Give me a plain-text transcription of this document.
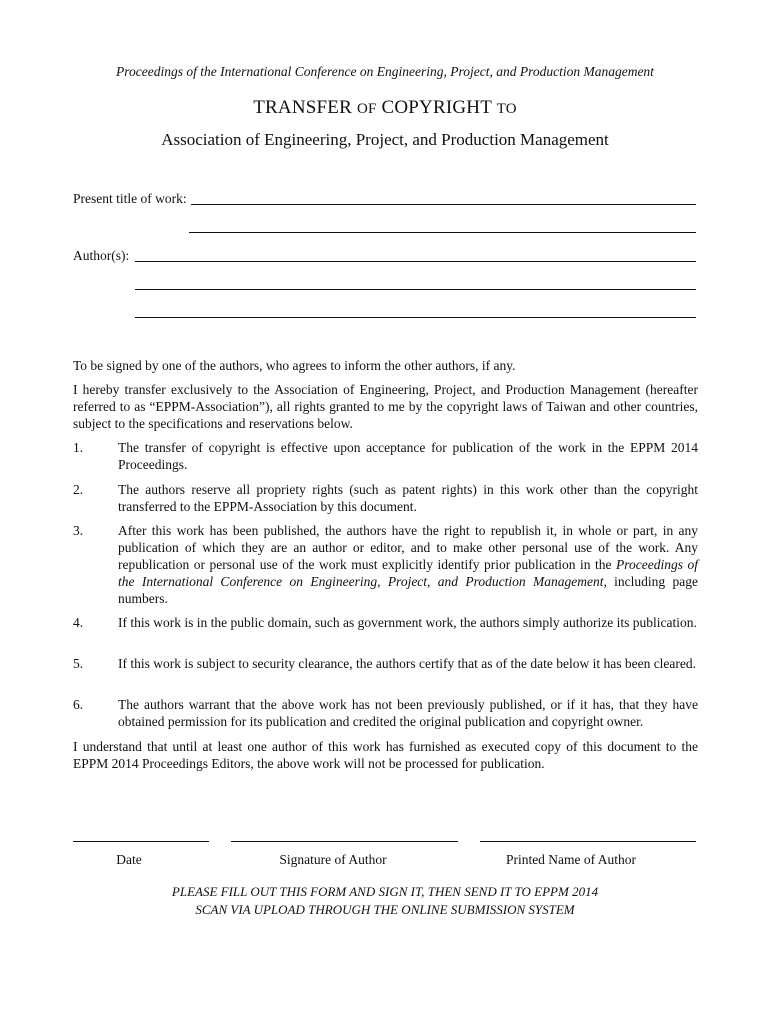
Proceedings of the International Conference on Engineering, Project, and Production Management
TRANSFER OF COPYRIGHT TO
Association of Engineering, Project, and Production Management
Present title of work:
Author(s):
To be signed by one of the authors, who agrees to inform the other authors, if any.
I hereby transfer exclusively to the Association of Engineering, Project, and Production Management (hereafter referred to as “EPPM-Association”), all rights granted to me by the copyright laws of Taiwan and other countries, subject to the specifications and reservations below.
1.	The transfer of copyright is effective upon acceptance for publication of the work in the EPPM 2014 Proceedings.
2.	The authors reserve all propriety rights (such as patent rights) in this work other than the copyright transferred to the EPPM-Association by this document.
3.	After this work has been published, the authors have the right to republish it, in whole or part, in any publication of which they are an author or editor, and to make other personal use of the work. Any republication or personal use of the work must explicitly identify prior publication in the Proceedings of the International Conference on Engineering, Project, and Production Management, including page numbers.
4.	If this work is in the public domain, such as government work, the authors simply authorize its publication.
5.	If this work is subject to security clearance, the authors certify that as of the date below it has been cleared.
6.	The authors warrant that the above work has not been previously published, or if it has, that they have obtained permission for its publication and credited the original publication and copyright owner.
I understand that until at least one author of this work has furnished as executed copy of this document to the EPPM 2014 Proceedings Editors, the above work will not be processed for publication.
Date	Signature of Author	Printed Name of Author
PLEASE FILL OUT THIS FORM AND SIGN IT, THEN SEND IT TO EPPM 2014
SCAN VIA UPLOAD THROUGH THE ONLINE SUBMISSION SYSTEM
